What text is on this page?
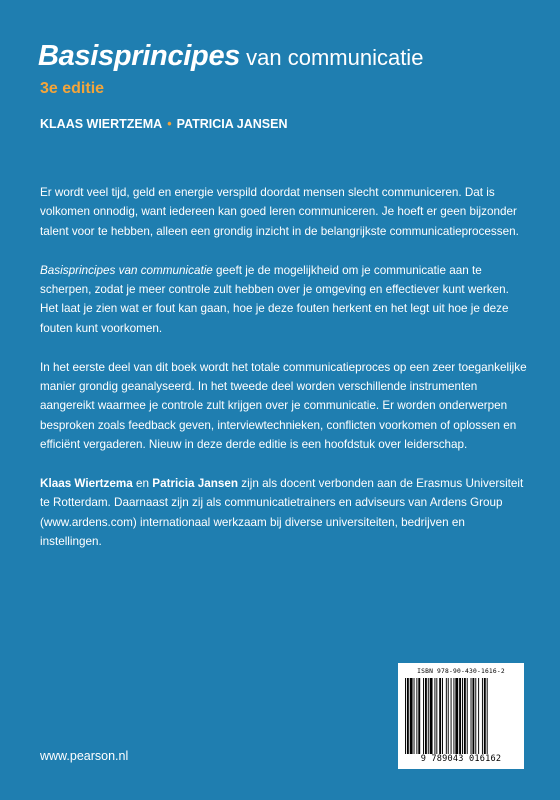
Basisprincipes van communicatie
3e editie
KLAAS WIERTZEMA • PATRICIA JANSEN

Er wordt veel tijd, geld en energie verspild doordat mensen slecht communiceren. Dat is volkomen onnodig, want iedereen kan goed leren communiceren. Je hoeft er geen bijzonder talent voor te hebben, alleen een grondig inzicht in de belangrijkste communicatieprocessen.

Basisprincipes van communicatie geeft je de mogelijkheid om je communicatie aan te scherpen, zodat je meer controle zult hebben over je omgeving en effectiever kunt werken. Het laat je zien wat er fout kan gaan, hoe je deze fouten herkent en het legt uit hoe je deze fouten kunt voorkomen.

In het eerste deel van dit boek wordt het totale communicatieproces op een zeer toegankelijke manier grondig geanalyseerd. In het tweede deel worden verschillende instrumenten aangereikt waarmee je controle zult krijgen over je communicatie. Er worden onderwerpen besproken zoals feedback geven, interviewtechnieken, conflicten voorkomen of oplossen en efficiënt vergaderen. Nieuw in deze derde editie is een hoofdstuk over leiderschap.

Klaas Wiertzema en Patricia Jansen zijn als docent verbonden aan de Erasmus Universiteit te Rotterdam. Daarnaast zijn zij als communicatietrainers en adviseurs van Ardens Group (www.ardens.com) internationaal werkzaam bij diverse universiteiten, bedrijven en instellingen.

www.pearson.nl
ISBN 978-90-430-1616-2
9 789043 016162
